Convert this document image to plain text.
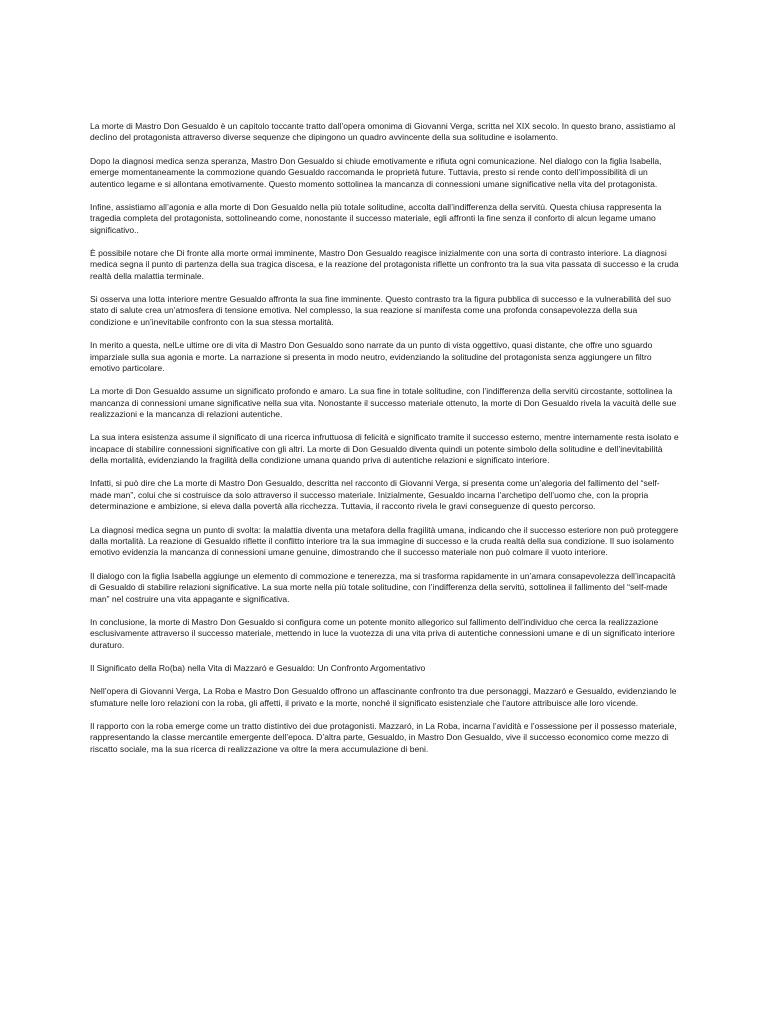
La morte di Mastro Don Gesualdo è un capitolo toccante tratto dall’opera omonima di Giovanni Verga, scritta nel XIX secolo. In questo brano, assistiamo al declino del protagonista attraverso diverse sequenze che dipingono un quadro avvincente della sua solitudine e isolamento.

Dopo la diagnosi medica senza speranza, Mastro Don Gesualdo si chiude emotivamente e rifiuta ogni comunicazione. Nel dialogo con la figlia Isabella, emerge momentaneamente la commozione quando Gesualdo raccomanda le proprietà future. Tuttavia, presto si rende conto dell’impossibilità di un autentico legame e si allontana emotivamente. Questo momento sottolinea la mancanza di connessioni umane significative nella vita del protagonista.

Infine, assistiamo all’agonia e alla morte di Don Gesualdo nella più totale solitudine, accolta dall’indifferenza della servitù. Questa chiusa rappresenta la tragedia completa del protagonista, sottolineando come, nonostante il successo materiale, egli affronti la fine senza il conforto di alcun legame umano significativo..

È possibile notare che Di fronte alla morte ormai imminente, Mastro Don Gesualdo reagisce inizialmente con una sorta di contrasto interiore. La diagnosi medica segna il punto di partenza della sua tragica discesa, e la reazione del protagonista riflette un confronto tra la sua vita passata di successo e la cruda realtà della malattia terminale.

Si osserva una lotta interiore mentre Gesualdo affronta la sua fine imminente. Questo contrasto tra la figura pubblica di successo e la vulnerabilità del suo stato di salute crea un’atmosfera di tensione emotiva. Nel complesso, la sua reazione si manifesta come una profonda consapevolezza della sua condizione e un’inevitabile confronto con la sua stessa mortalità.

In merito a questa, nelLe ultime ore di vita di Mastro Don Gesualdo sono narrate da un punto di vista oggettivo, quasi distante, che offre uno sguardo imparziale sulla sua agonia e morte. La narrazione si presenta in modo neutro, evidenziando la solitudine del protagonista senza aggiungere un filtro emotivo particolare.

La morte di Don Gesualdo assume un significato profondo e amaro. La sua fine in totale solitudine, con l’indifferenza della servitù circostante, sottolinea la mancanza di connessioni umane significative nella sua vita. Nonostante il successo materiale ottenuto, la morte di Don Gesualdo rivela la vacuità delle sue realizzazioni e la mancanza di relazioni autentiche.

La sua intera esistenza assume il significato di una ricerca infruttuosa di felicità e significato tramite il successo esterno, mentre internamente resta isolato e incapace di stabilire connessioni significative con gli altri. La morte di Don Gesualdo diventa quindi un potente simbolo della solitudine e dell’inevitabilità della mortalità, evidenziando la fragilità della condizione umana quando priva di autentiche relazioni e significato interiore.

Infatti, si può dire che La morte di Mastro Don Gesualdo, descritta nel racconto di Giovanni Verga, si presenta come un’alegoria del fallimento del “self-made man”, colui che si costruisce da solo attraverso il successo materiale. Inizialmente, Gesualdo incarna l’archetipo dell’uomo che, con la propria determinazione e ambizione, si eleva dalla povertà alla ricchezza. Tuttavia, il racconto rivela le gravi conseguenze di questo percorso.

La diagnosi medica segna un punto di svolta: la malattia diventa una metafora della fragilità umana, indicando che il successo esteriore non può proteggere dalla mortalità. La reazione di Gesualdo riflette il conflitto interiore tra la sua immagine di successo e la cruda realtà della sua condizione. Il suo isolamento emotivo evidenzia la mancanza di connessioni umane genuine, dimostrando che il successo materiale non può colmare il vuoto interiore.

Il dialogo con la figlia Isabella aggiunge un elemento di commozione e tenerezza, ma si trasforma rapidamente in un’amara consapevolezza dell’incapacità di Gesualdo di stabilire relazioni significative. La sua morte nella più totale solitudine, con l’indifferenza della servitù, sottolinea il fallimento del “self-made man” nel costruire una vita appagante e significativa.

In conclusione, la morte di Mastro Don Gesualdo si configura come un potente monito allegorico sul fallimento dell’individuo che cerca la realizzazione esclusivamente attraverso il successo materiale, mettendo in luce la vuotezza di una vita priva di autentiche connessioni umane e di un significato interiore duraturo.

Il Significato della Ro(ba) nella Vita di Mazzaró e Gesualdo: Un Confronto Argomentativo

Nell’opera di Giovanni Verga, La Roba e Mastro Don Gesualdo offrono un affascinante confronto tra due personaggi, Mazzaró e Gesualdo, evidenziando le sfumature nelle loro relazioni con la roba, gli affetti, il privato e la morte, nonché il significato esistenziale che l’autore attribuisce alle loro vicende.

Il rapporto con la roba emerge come un tratto distintivo dei due protagonisti. Mazzaró, in La Roba, incarna l’avidità e l’ossessione per il possesso materiale, rappresentando la classe mercantile emergente dell’epoca. D’altra parte, Gesualdo, in Mastro Don Gesualdo, vive il successo economico come mezzo di riscatto sociale, ma la sua ricerca di realizzazione va oltre la mera accumulazione di beni.
